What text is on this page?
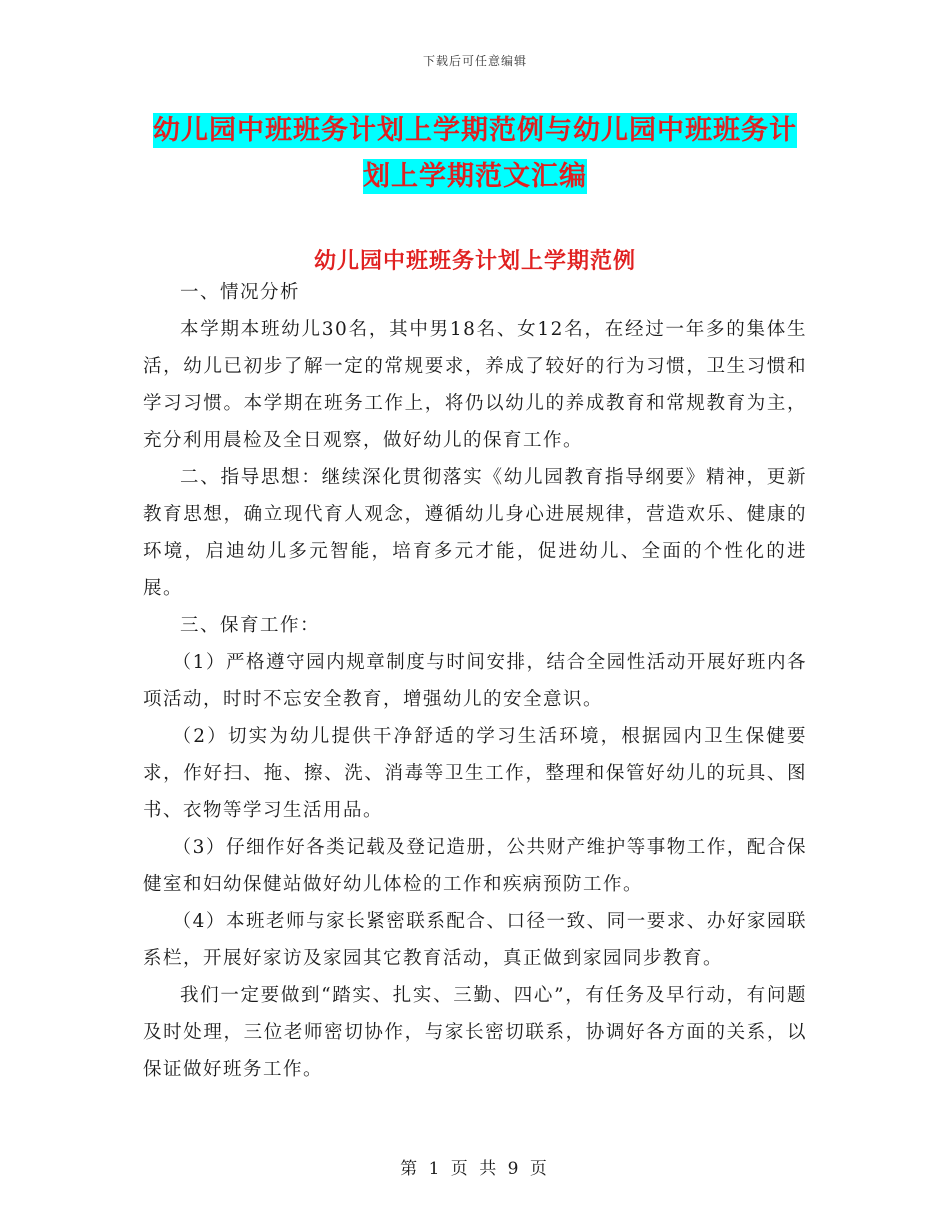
下载后可任意编辑
幼儿园中班班务计划上学期范例与幼儿园中班班务计划上学期范文汇编
幼儿园中班班务计划上学期范例

一、情况分析

本学期本班幼儿30名，其中男18名、女12名，在经过一年多的集体生活，幼儿已初步了解一定的常规要求，养成了较好的行为习惯，卫生习惯和学习习惯。本学期在班务工作上，将仍以幼儿的养成教育和常规教育为主，充分利用晨检及全日观察，做好幼儿的保育工作。

二、指导思想：继续深化贯彻落实《幼儿园教育指导纲要》精神，更新教育思想，确立现代育人观念，遵循幼儿身心进展规律，营造欢乐、健康的环境，启迪幼儿多元智能，培育多元才能，促进幼儿、全面的个性化的进展。

三、保育工作：

（1）严格遵守园内规章制度与时间安排，结合全园性活动开展好班内各项活动，时时不忘安全教育，增强幼儿的安全意识。

（2）切实为幼儿提供干净舒适的学习生活环境，根据园内卫生保健要求，作好扫、拖、擦、洗、消毒等卫生工作，整理和保管好幼儿的玩具、图书、衣物等学习生活用品。

（3）仔细作好各类记载及登记造册，公共财产维护等事物工作，配合保健室和妇幼保健站做好幼儿体检的工作和疾病预防工作。

（4）本班老师与家长紧密联系配合、口径一致、同一要求、办好家园联系栏，开展好家访及家园其它教育活动，真正做到家园同步教育。

我们一定要做到“踏实、扎实、三勤、四心”，有任务及早行动，有问题及时处理，三位老师密切协作，与家长密切联系，协调好各方面的关系，以保证做好班务工作。

第 1 页 共 9 页
